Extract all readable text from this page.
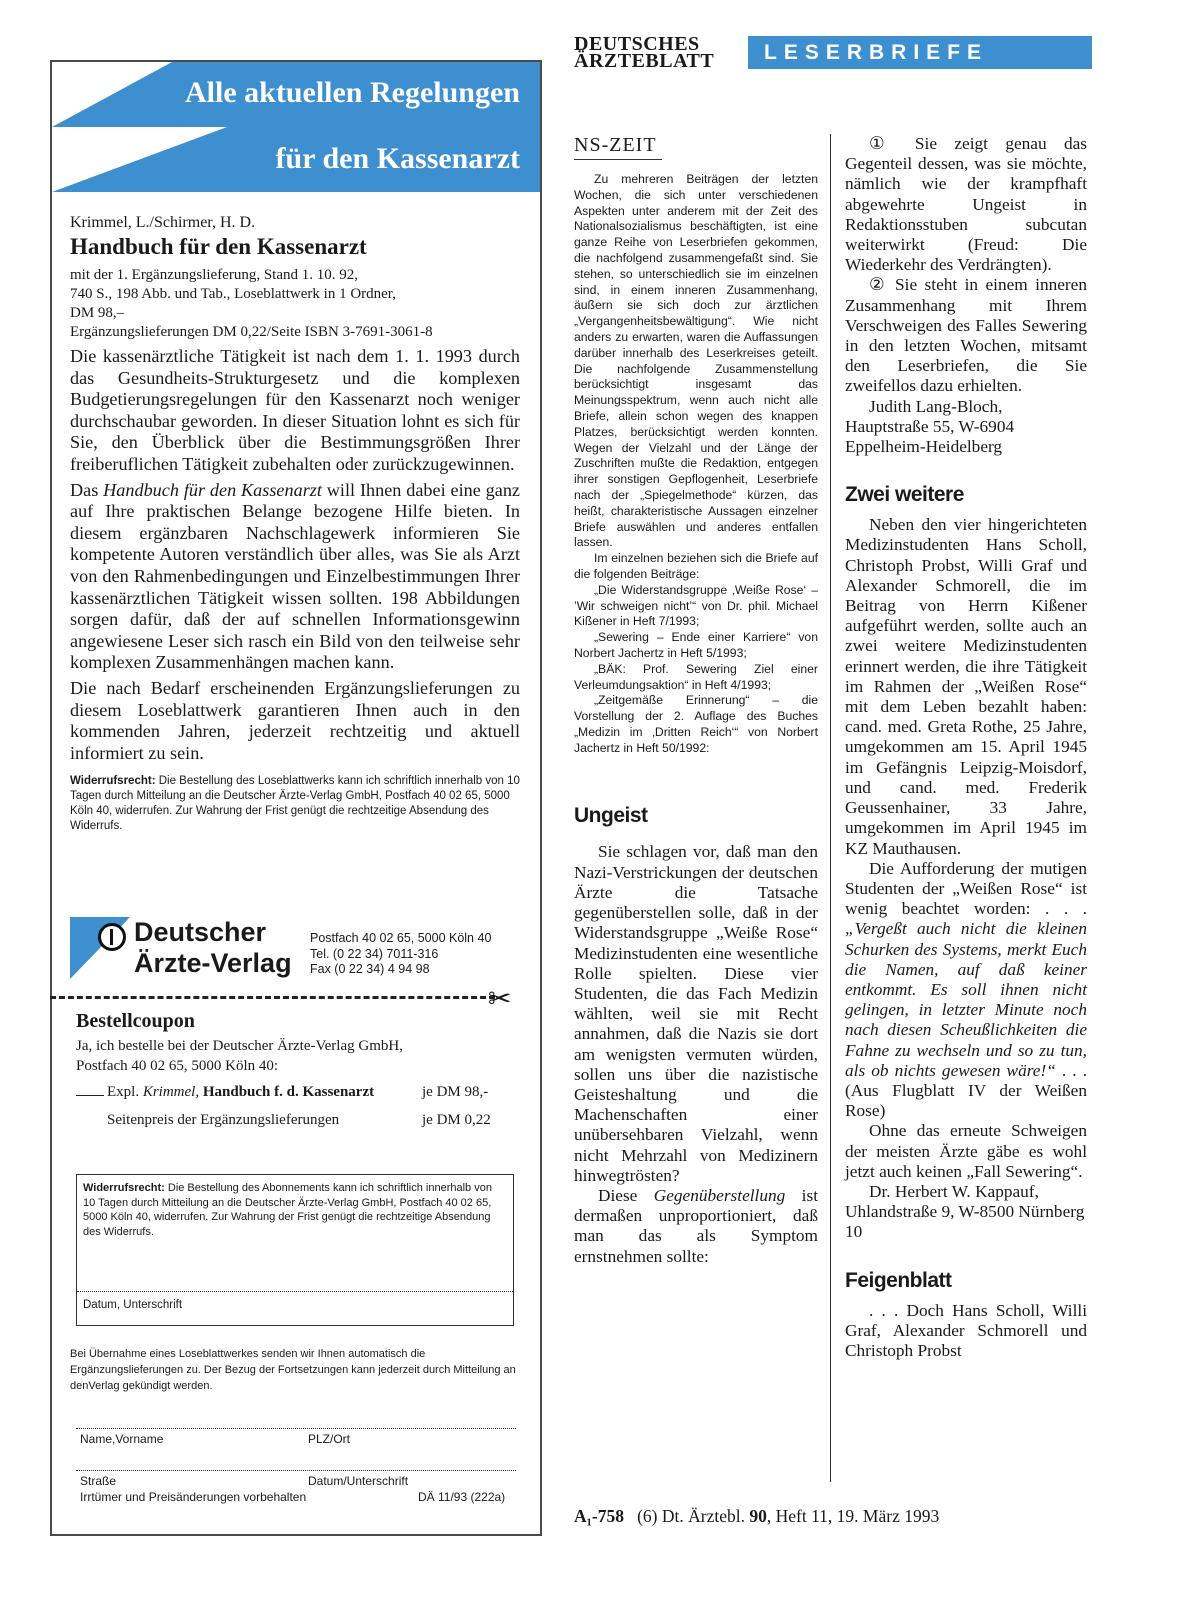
Alle aktuellen Regelungen
für den Kassenarzt
Krimmel, L./Schirmer, H. D.
Handbuch für den Kassenarzt
mit der 1. Ergänzungslieferung, Stand 1. 10. 92,
740 S., 198 Abb. und Tab., Loseblattwerk in 1 Ordner,
DM 98,–
Ergänzungslieferungen DM 0,22/Seite ISBN 3-7691-3061-8

Die kassenärztliche Tätigkeit ist nach dem 1. 1. 1993 durch das Gesundheits-Strukturgesetz und die komplexen Budgetierungsregelungen für den Kassenarzt noch weniger durchschaubar geworden. In dieser Situation lohnt es sich für Sie, den Überblick über die Bestimmungsgrößen Ihrer freiberuflichen Tätigkeit zubehalten oder zurückzugewinnen.

Das Handbuch für den Kassenarzt will Ihnen dabei eine ganz auf Ihre praktischen Belange bezogene Hilfe bieten. In diesem ergänzbaren Nachschlagewerk informieren Sie kompetente Autoren verständlich über alles, was Sie als Arzt von den Rahmenbedingungen und Einzelbestimmungen Ihrer kassenärztlichen Tätigkeit wissen sollten. 198 Abbildungen sorgen dafür, daß der auf schnellen Informationsgewinn angewiesene Leser sich rasch ein Bild von den teilweise sehr komplexen Zusammenhängen machen kann.

Die nach Bedarf erscheinenden Ergänzungslieferungen zu diesem Loseblattwerk garantieren Ihnen auch in den kommenden Jahren, jederzeit rechtzeitig und aktuell informiert zu sein.

Widerrufsrecht: Die Bestellung des Loseblattwerks kann ich schriftlich innerhalb von 10 Tagen durch Mitteilung an die Deutscher Ärzte-Verlag GmbH, Postfach 40 02 65, 5000 Köln 40, widerrufen. Zur Wahrung der Frist genügt die rechtzeitige Absendung des Widerrufs.

Deutscher
Ärzte-Verlag
Postfach 40 02 65, 5000 Köln 40
Tel. (0 22 34) 7011-316
Fax (0 22 34) 4 94 98
✂
Bestellcoupon
Ja, ich bestelle bei der Deutscher Ärzte-Verlag GmbH,
Postfach 40 02 65, 5000 Köln 40:
Expl. Krimmel, Handbuch f. d. Kassenarzt	je DM 98,-
Seitenpreis der Ergänzungslieferungen	je DM 0,22
Widerrufsrecht: Die Bestellung des Abonnements kann ich schriftlich innerhalb von 10 Tagen durch Mitteilung an die Deutscher Ärzte-Verlag GmbH, Postfach 40 02 65, 5000 Köln 40, widerrufen. Zur Wahrung der Frist genügt die rechtzeitige Absendung des Widerrufs.
Datum, Unterschrift
Bei Übernahme eines Loseblattwerkes senden wir Ihnen automatisch die Ergänzungslieferungen zu. Der Bezug der Fortsetzungen kann jederzeit durch Mitteilung an denVerlag gekündigt werden.
Name,Vorname	PLZ/Ort
Straße	Datum/Unterschrift
Irrtümer und Preisänderungen vorbehalten	DÄ 11/93 (222a)
DEUTSCHES
ÄRZTEBLATT	LESERBRIEFE
NS-ZEIT

Zu mehreren Beiträgen der letzten Wochen, die sich unter verschiedenen Aspekten unter anderem mit der Zeit des Nationalsozialismus beschäftigten, ist eine ganze Reihe von Leserbriefen gekommen, die nachfolgend zusammengefaßt sind. Sie stehen, so unterschiedlich sie im einzelnen sind, in einem inneren Zusammenhang, äußern sie sich doch zur ärztlichen „Vergangenheitsbewältigung“. Wie nicht anders zu erwarten, waren die Auffassungen darüber innerhalb des Leserkreises geteilt. Die nachfolgende Zusammenstellung berücksichtigt insgesamt das Meinungsspektrum, wenn auch nicht alle Briefe, allein schon wegen des knappen Platzes, berücksichtigt werden konnten. Wegen der Vielzahl und der Länge der Zuschriften mußte die Redaktion, entgegen ihrer sonstigen Gepflogenheit, Leserbriefe nach der „Spiegelmethode“ kürzen, das heißt, charakteristische Aussagen einzelner Briefe auswählen und anderes entfallen lassen.

Im einzelnen beziehen sich die Briefe auf die folgenden Beiträge:

„Die Widerstandsgruppe ‚Weiße Rose‘ – ’Wir schweigen nicht’“ von Dr. phil. Michael Kißener in Heft 7/1993;

„Sewering – Ende einer Karriere“ von Norbert Jachertz in Heft 5/1993;

„BÄK: Prof. Sewering Ziel einer Verleumdungsaktion“ in Heft 4/1993;

„Zeitgemäße Erinnerung“ – die Vorstellung der 2. Auflage des Buches „Medizin im ‚Dritten Reich‘“ von Norbert Jachertz in Heft 50/1992:

Ungeist

Sie schlagen vor, daß man den Nazi-Verstrickungen der deutschen Ärzte die Tatsache gegenüberstellen solle, daß in der Widerstandsgruppe „Weiße Rose“ Medizinstudenten eine wesentliche Rolle spielten. Diese vier Studenten, die das Fach Medizin wählten, weil sie mit Recht annahmen, daß die Nazis sie dort am wenigsten vermuten würden, sollen uns über die nazistische Geisteshaltung und die Machenschaften einer unübersehbaren Vielzahl, wenn nicht Mehrzahl von Medizinern hinwegtrösten?

Diese Gegenüberstellung ist dermaßen unproportioniert, daß man das als Symptom ernstnehmen sollte:

① Sie zeigt genau das Gegenteil dessen, was sie möchte, nämlich wie der krampfhaft abgewehrte Ungeist in Redaktionsstuben subcutan weiterwirkt (Freud: Die Wiederkehr des Verdrängten).

② Sie steht in einem inneren Zusammenhang mit Ihrem Verschweigen des Falles Sewering in den letzten Wochen, mitsamt den Leserbriefen, die Sie zweifellos dazu erhielten.

Judith Lang-Bloch, Hauptstraße 55, W-6904 Eppelheim-Heidelberg

Zwei weitere

Neben den vier hingerichteten Medizinstudenten Hans Scholl, Christoph Probst, Willi Graf und Alexander Schmorell, die im Beitrag von Herrn Kißener aufgeführt werden, sollte auch an zwei weitere Medizinstudenten erinnert werden, die ihre Tätigkeit im Rahmen der „Weißen Rose“ mit dem Leben bezahlt haben: cand. med. Greta Rothe, 25 Jahre, umgekommen am 15. April 1945 im Gefängnis Leipzig-Moisdorf, und cand. med. Frederik Geussenhainer, 33 Jahre, umgekommen im April 1945 im KZ Mauthausen.

Die Aufforderung der mutigen Studenten der „Weißen Rose“ ist wenig beachtet worden: . . . „Vergeßt auch nicht die kleinen Schurken des Systems, merkt Euch die Namen, auf daß keiner entkommt. Es soll ihnen nicht gelingen, in letzter Minute noch nach diesen Scheußlichkeiten die Fahne zu wechseln und so zu tun, als ob nichts gewesen wäre!“ . . . (Aus Flugblatt IV der Weißen Rose)

Ohne das erneute Schweigen der meisten Ärzte gäbe es wohl jetzt auch keinen „Fall Sewering“.

Dr. Herbert W. Kappauf, Uhlandstraße 9, W-8500 Nürnberg 10

Feigenblatt

. . . Doch Hans Scholl, Willi Graf, Alexander Schmorell und Christoph Probst

A₁-758 (6) Dt. Ärztebl. 90, Heft 11, 19. März 1993
